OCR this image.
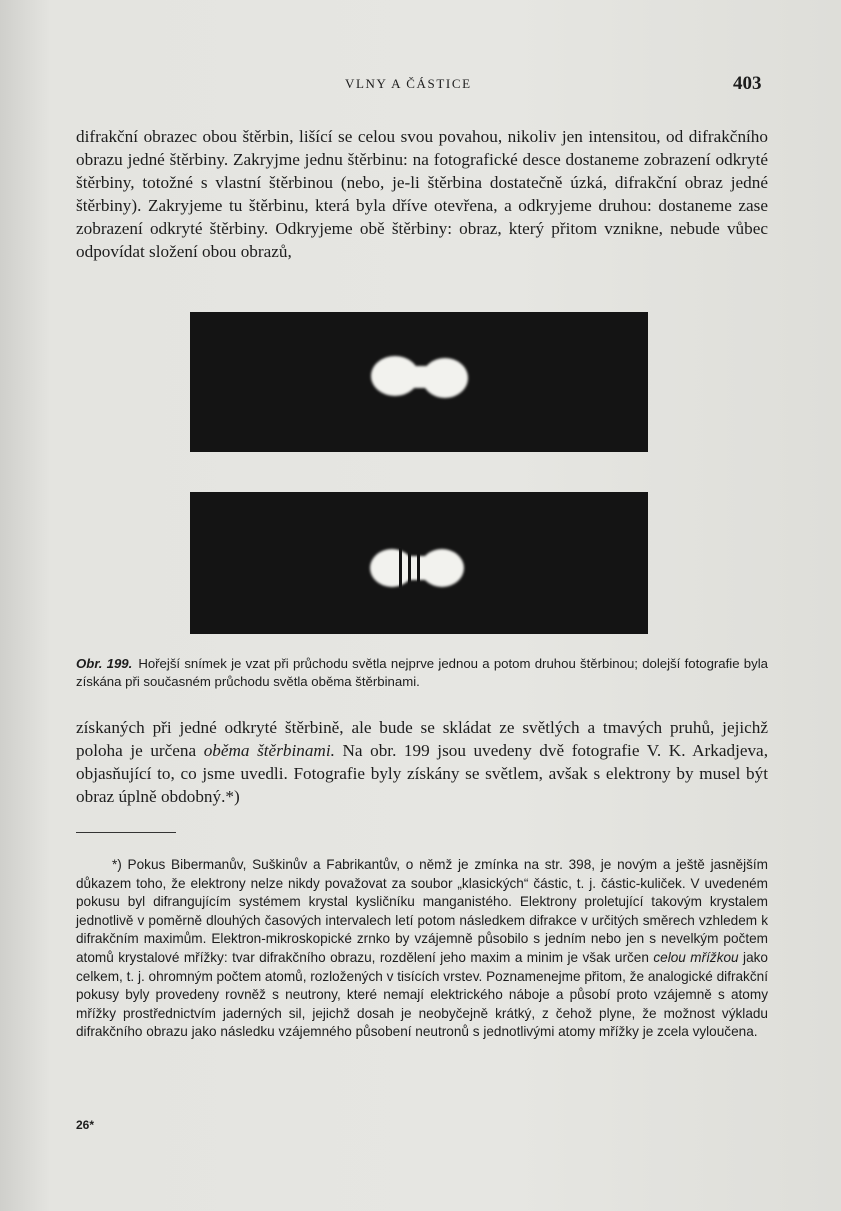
VLNY A ČÁSTICE	403

difrakční obrazec obou štěrbin, lišící se celou svou povahou, nikoliv jen intensitou, od difrakčního obrazu jedné štěrbiny. Zakryjme jednu štěrbinu: na fotografické desce dostaneme zobrazení odkryté štěrbiny, totožné s vlastní štěrbinou (nebo, je-li štěrbina dostatečně úzká, difrakční obraz jedné štěrbiny). Zakryjeme tu štěrbinu, která byla dříve otevřena, a odkryjeme druhou: dostaneme zase zobrazení odkryté štěrbiny. Odkryjeme obě štěrbiny: obraz, který přitom vznikne, nebude vůbec odpovídat složení obou obrazů,

Obr. 199. Hořejší snímek je vzat při průchodu světla nejprve jednou a potom druhou štěrbinou; dolejší fotografie byla získána při současném průchodu světla oběma štěrbinami.

získaných při jedné odkryté štěrbině, ale bude se skládat ze světlých a tmavých pruhů, jejichž poloha je určena oběma štěrbinami. Na obr. 199 jsou uvedeny dvě fotografie V. K. Arkadjeva, objasňující to, co jsme uvedli. Fotografie byly získány se světlem, avšak s elektrony by musel být obraz úplně obdobný.*)

*) Pokus Bibermanův, Suškinův a Fabrikantův, o němž je zmínka na str. 398, je novým a ještě jasnějším důkazem toho, že elektrony nelze nikdy považovat za soubor „klasických“ částic, t. j. částic-kuliček. V uvedeném pokusu byl difrangujícím systémem krystal kysličníku manganistého. Elektrony proletující takovým krystalem jednotlivě v poměrně dlouhých časových intervalech letí potom následkem difrakce v určitých směrech vzhledem k difrakčním maximům. Elektron-mikroskopické zrnko by vzájemně působilo s jedním nebo jen s nevelkým počtem atomů krystalové mřížky: tvar difrakčního obrazu, rozdělení jeho maxim a minim je však určen celou mřížkou jako celkem, t. j. ohromným počtem atomů, rozložených v tisících vrstev. Poznamenejme přitom, že analogické difrakční pokusy byly provedeny rovněž s neutrony, které nemají elektrického náboje a působí proto vzájemně s atomy mřížky prostřednictvím jaderných sil, jejichž dosah je neobyčejně krátký, z čehož plyne, že možnost výkladu difrakčního obrazu jako následku vzájemného působení neutronů s jednotlivými atomy mřížky je zcela vyloučena.

26*
